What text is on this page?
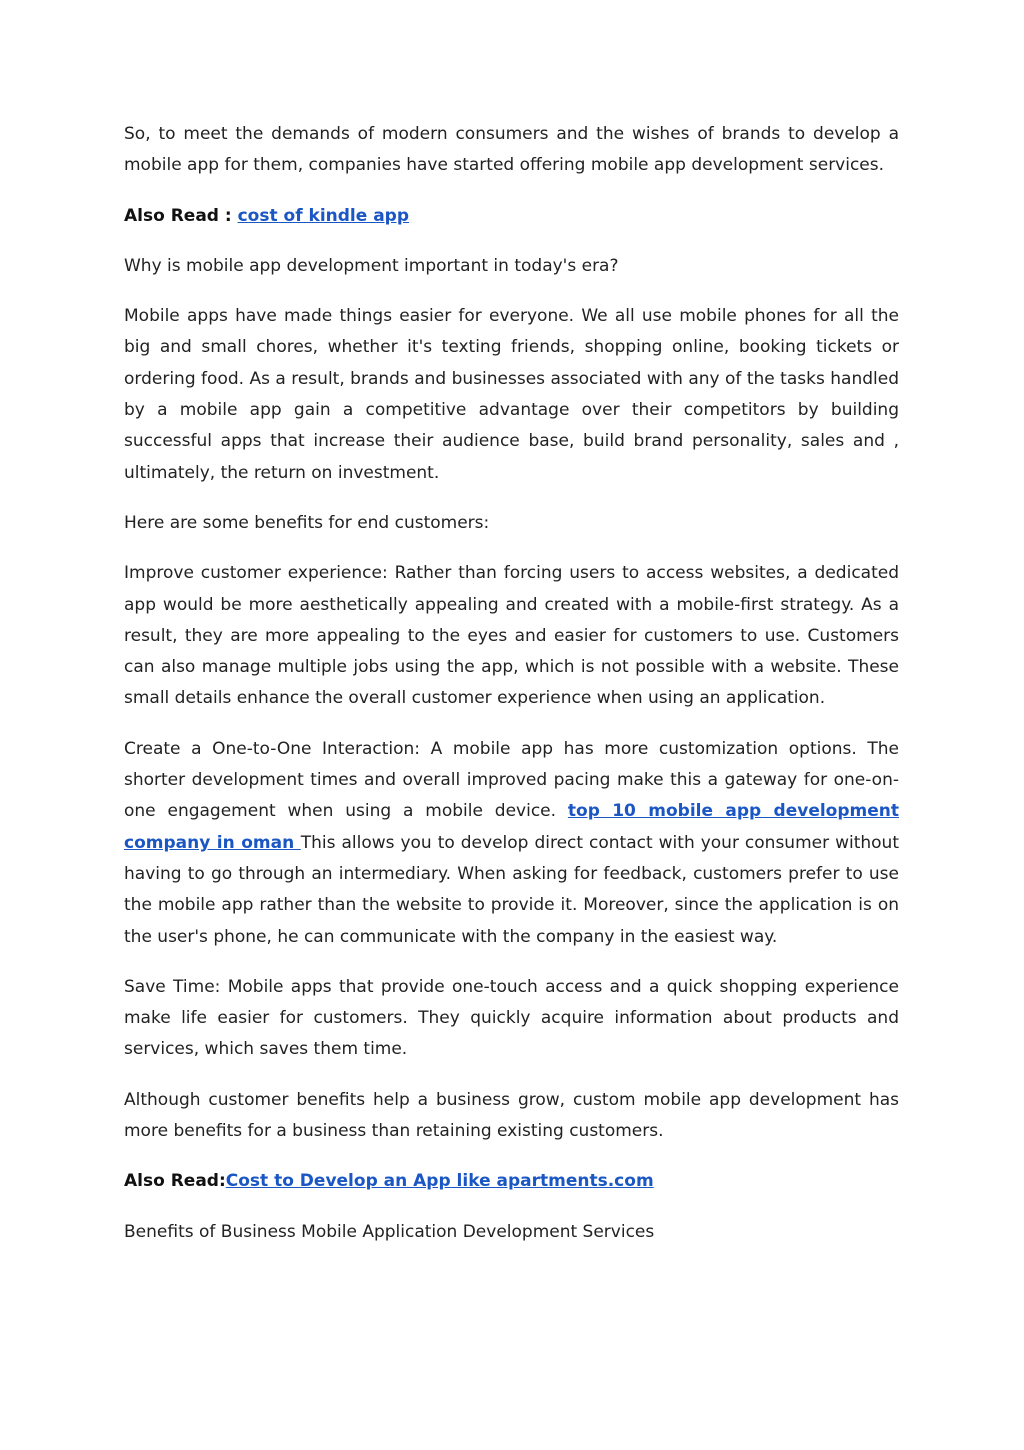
So, to meet the demands of modern consumers and the wishes of brands to develop a mobile app for them, companies have started offering mobile app development services.

Also Read : cost of kindle app

Why is mobile app development important in today's era?

Mobile apps have made things easier for everyone. We all use mobile phones for all the big and small chores, whether it's texting friends, shopping online, booking tickets or ordering food. As a result, brands and businesses associated with any of the tasks handled by a mobile app gain a competitive advantage over their competitors by building successful apps that increase their audience base, build brand personality, sales and , ultimately, the return on investment.

Here are some benefits for end customers:

Improve customer experience: Rather than forcing users to access websites, a dedicated app would be more aesthetically appealing and created with a mobile-first strategy. As a result, they are more appealing to the eyes and easier for customers to use. Customers can also manage multiple jobs using the app, which is not possible with a website. These small details enhance the overall customer experience when using an application.

Create a One-to-One Interaction: A mobile app has more customization options. The shorter development times and overall improved pacing make this a gateway for one-on-one engagement when using a mobile device. top 10 mobile app development company in oman This allows you to develop direct contact with your consumer without having to go through an intermediary. When asking for feedback, customers prefer to use the mobile app rather than the website to provide it. Moreover, since the application is on the user's phone, he can communicate with the company in the easiest way.

Save Time: Mobile apps that provide one-touch access and a quick shopping experience make life easier for customers. They quickly acquire information about products and services, which saves them time.

Although customer benefits help a business grow, custom mobile app development has more benefits for a business than retaining existing customers.

Also Read:Cost to Develop an App like apartments.com

Benefits of Business Mobile Application Development Services
